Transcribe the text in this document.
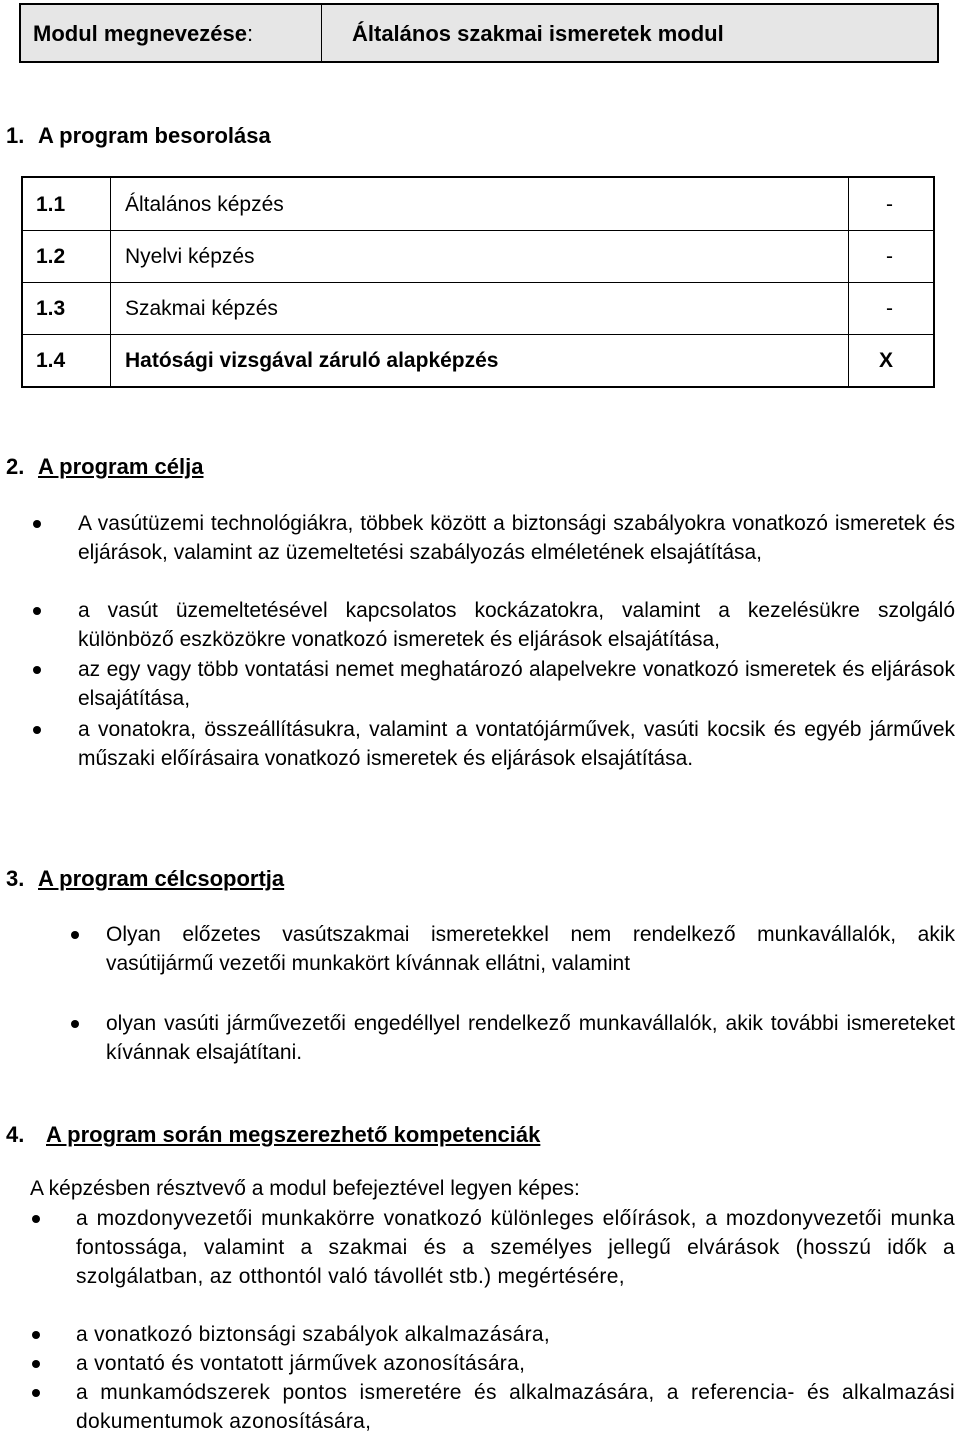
Modul megnevezése :	Általános szakmai ismeretek modul
1. A program besorolása
1.1	Általános képzés	-
1.2	Nyelvi képzés	-
1.3	Szakmai képzés	-
1.4	Hatósági vizsgával záruló alapképzés	X
2. A program célja
A vasútüzemi technológiákra, többek között a biztonsági szabályokra vonatkozó ismeretek és eljárások, valamint az üzemeltetési szabályozás elméletének elsajátítása,
a vasút üzemeltetésével kapcsolatos kockázatokra, valamint a kezelésükre szolgáló különböző eszközökre vonatkozó ismeretek és eljárások elsajátítása,
az egy vagy több vontatási nemet meghatározó alapelvekre vonatkozó ismeretek és eljárások elsajátítása,
a vonatokra, összeállításukra, valamint a vontatójárművek, vasúti kocsik és egyéb járművek műszaki előírásaira vonatkozó ismeretek és eljárások elsajátítása.
3. A program célcsoportja
Olyan előzetes vasútszakmai ismeretekkel nem rendelkező munkavállalók, akik vasútijármű vezetői munkakört kívánnak ellátni, valamint
olyan vasúti járművezetői engedéllyel rendelkező munkavállalók, akik további ismereteket kívánnak elsajátítani.
4. A program során megszerezhető kompetenciák
A képzésben résztvevő a modul befejeztével legyen képes:
a mozdonyvezetői munkakörre vonatkozó különleges előírások, a mozdonyvezetői munka fontossága, valamint a szakmai és a személyes jellegű elvárások (hosszú idők a szolgálatban, az otthontól való távollét stb.) megértésére,
a vonatkozó biztonsági szabályok alkalmazására,
a vontató és vontatott járművek azonosítására,
a munkamódszerek pontos ismeretére és alkalmazására, a referencia- és alkalmazási dokumentumok azonosítására,
